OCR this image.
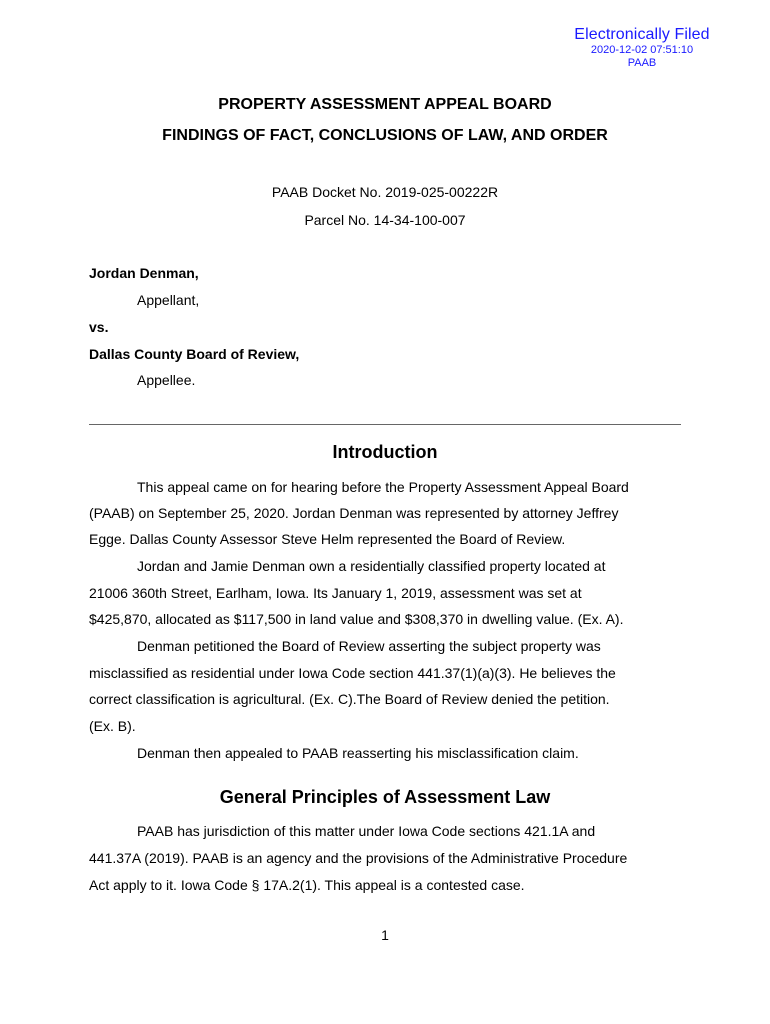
Electronically Filed
2020-12-02 07:51:10
PAAB
PROPERTY ASSESSMENT APPEAL BOARD
FINDINGS OF FACT, CONCLUSIONS OF LAW, AND ORDER
PAAB Docket No. 2019-025-00222R
Parcel No. 14-34-100-007
Jordan Denman,
Appellant,
vs.
Dallas County Board of Review,
Appellee.
Introduction
This appeal came on for hearing before the Property Assessment Appeal Board
(PAAB) on September 25, 2020. Jordan Denman was represented by attorney Jeffrey
Egge. Dallas County Assessor Steve Helm represented the Board of Review.
Jordan and Jamie Denman own a residentially classified property located at
21006 360th Street, Earlham, Iowa. Its January 1, 2019, assessment was set at
$425,870, allocated as $117,500 in land value and $308,370 in dwelling value. (Ex. A).
Denman petitioned the Board of Review asserting the subject property was
misclassified as residential under Iowa Code section 441.37(1)(a)(3). He believes the
correct classification is agricultural. (Ex. C).The Board of Review denied the petition.
(Ex. B).
Denman then appealed to PAAB reasserting his misclassification claim.
General Principles of Assessment Law
PAAB has jurisdiction of this matter under Iowa Code sections 421.1A and
441.37A (2019). PAAB is an agency and the provisions of the Administrative Procedure
Act apply to it. Iowa Code § 17A.2(1). This appeal is a contested case.
1
